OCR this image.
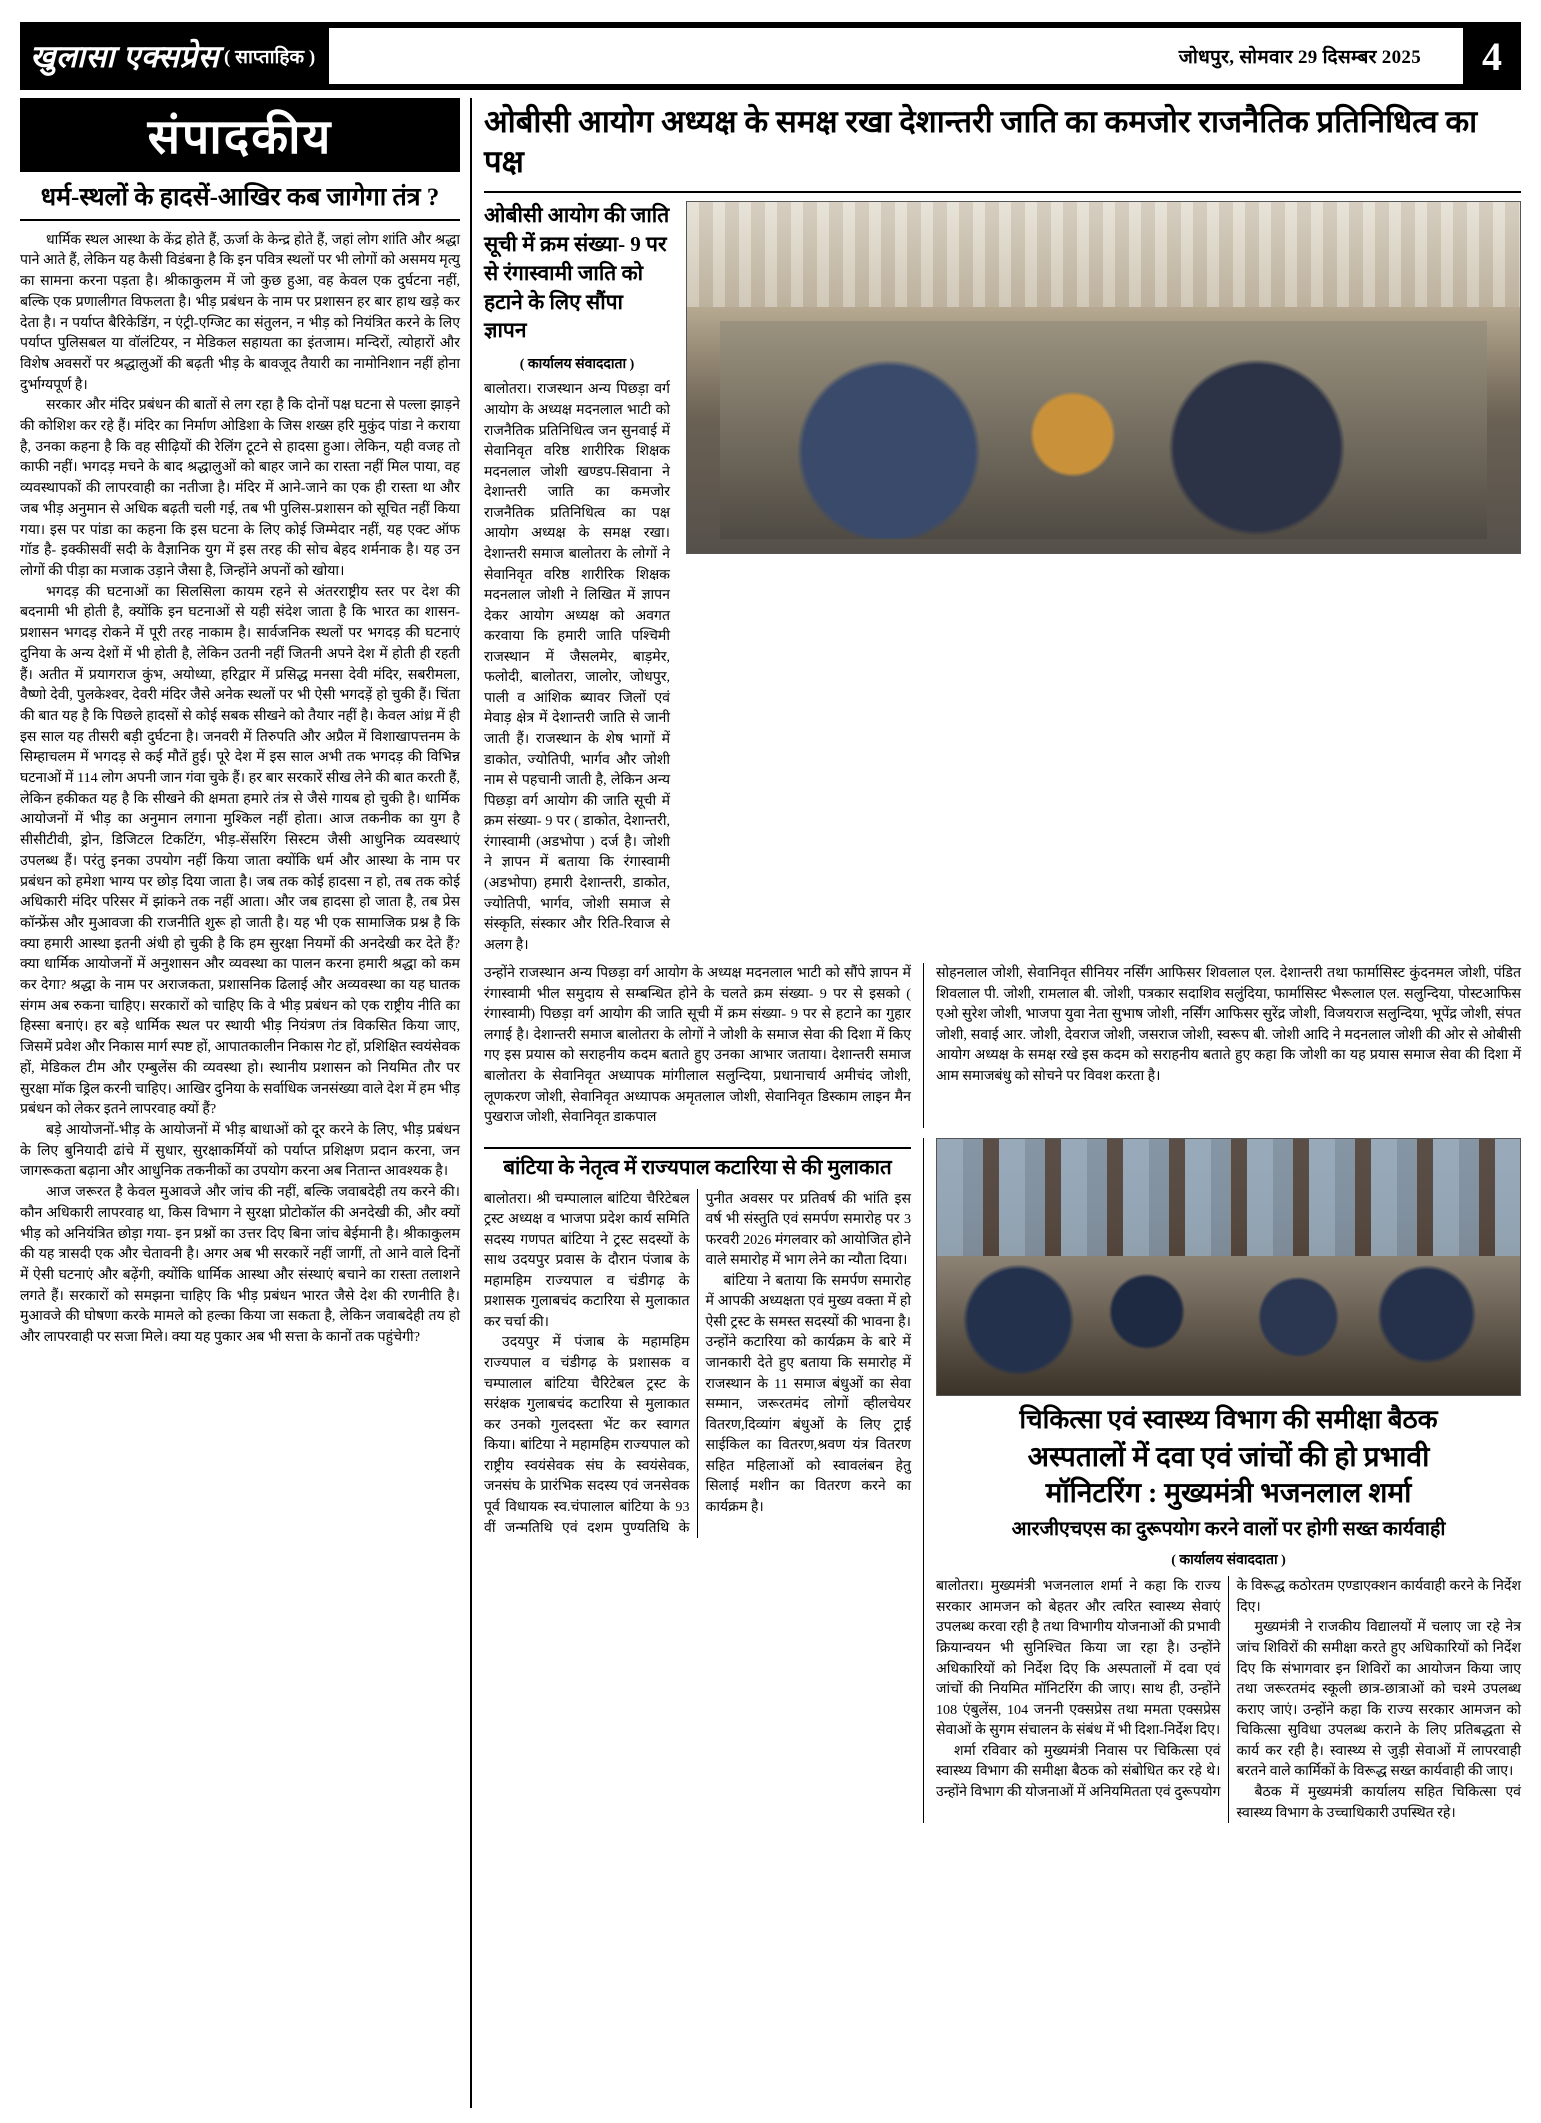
खुलासा एक्सप्रेस ( साप्ताहिक )	जोधपुर, सोमवार 29 दिसम्बर 2025	4
संपादकीय
धर्म-स्थलों के हादसें-आखिर कब जागेगा तंत्र ?

धार्मिक स्थल आस्था के केंद्र होते हैं, ऊर्जा के केन्द्र होते हैं, जहां लोग शांति और श्रद्धा पाने आते हैं, लेकिन यह कैसी विडंबना है कि इन पवित्र स्थलों पर भी लोगों को असमय मृत्यु का सामना करना पड़ता है। श्रीकाकुलम में जो कुछ हुआ, वह केवल एक दुर्घटना नहीं, बल्कि एक प्रणालीगत विफलता है। भीड़ प्रबंधन के नाम पर प्रशासन हर बार हाथ खड़े कर देता है। न पर्याप्त बैरिकेडिंग, न एंट्री-एग्जिट का संतुलन, न भीड़ को नियंत्रित करने के लिए पर्याप्त पुलिसबल या वॉलंटियर, न मेडिकल सहायता का इंतजाम। मन्दिरों, त्योहारों और विशेष अवसरों पर श्रद्धालुओं की बढ़ती भीड़ के बावजूद तैयारी का नामोनिशान नहीं होना दुर्भाग्यपूर्ण है।

सरकार और मंदिर प्रबंधन की बातों से लग रहा है कि दोनों पक्ष घटना से पल्ला झाड़ने की कोशिश कर रहे हैं। मंदिर का निर्माण ओडिशा के जिस शख्स हरि मुकुंद पांडा ने कराया है, उनका कहना है कि वह सीढ़ियों की रेलिंग टूटने से हादसा हुआ। लेकिन, यही वजह तो काफी नहीं। भगदड़ मचने के बाद श्रद्धालुओं को बाहर जाने का रास्ता नहीं मिल पाया, वह व्यवस्थापकों की लापरवाही का नतीजा है। मंदिर में आने-जाने का एक ही रास्ता था और जब भीड़ अनुमान से अधिक बढ़ती चली गई, तब भी पुलिस-प्रशासन को सूचित नहीं किया गया। इस पर पांडा का कहना कि इस घटना के लिए कोई जिम्मेदार नहीं, यह एक्ट ऑफ गॉड है- इक्कीसवीं सदी के वैज्ञानिक युग में इस तरह की सोच बेहद शर्मनाक है। यह उन लोगों की पीड़ा का मजाक उड़ाने जैसा है, जिन्होंने अपनों को खोया।

भगदड़ की घटनाओं का सिलसिला कायम रहने से अंतरराष्ट्रीय स्तर पर देश की बदनामी भी होती है, क्योंकि इन घटनाओं से यही संदेश जाता है कि भारत का शासन-प्रशासन भगदड़ रोकने में पूरी तरह नाकाम है। सार्वजनिक स्थलों पर भगदड़ की घटनाएं दुनिया के अन्य देशों में भी होती है, लेकिन उतनी नहीं जितनी अपने देश में होती ही रहती हैं। अतीत में प्रयागराज कुंभ, अयोध्या, हरिद्वार में प्रसिद्ध मनसा देवी मंदिर, सबरीमला, वैष्णो देवी, पुलकेश्वर, देवरी मंदिर जैसे अनेक स्थलों पर भी ऐसी भगदड़ें हो चुकी हैं। चिंता की बात यह है कि पिछले हादसों से कोई सबक सीखने को तैयार नहीं है। केवल आंध्र में ही इस साल यह तीसरी बड़ी दुर्घटना है। जनवरी में तिरुपति और अप्रैल में विशाखापत्तनम के सिम्हाचलम में भगदड़ से कई मौतें हुई। पूरे देश में इस साल अभी तक भगदड़ की विभिन्न घटनाओं में 114 लोग अपनी जान गंवा चुके हैं। हर बार सरकारें सीख लेने की बात करती हैं, लेकिन हकीकत यह है कि सीखने की क्षमता हमारे तंत्र से जैसे गायब हो चुकी है। धार्मिक आयोजनों में भीड़ का अनुमान लगाना मुश्किल नहीं होता। आज तकनीक का युग है सीसीटीवी, ड्रोन, डिजिटल टिकटिंग, भीड़-सेंसरिंग सिस्टम जैसी आधुनिक व्यवस्थाएं उपलब्ध हैं। परंतु इनका उपयोग नहीं किया जाता क्योंकि धर्म और आस्था के नाम पर प्रबंधन को हमेशा भाग्य पर छोड़ दिया जाता है। जब तक कोई हादसा न हो, तब तक कोई अधिकारी मंदिर परिसर में झांकने तक नहीं आता। और जब हादसा हो जाता है, तब प्रेस कॉन्फ्रेंस और मुआवजा की राजनीति शुरू हो जाती है। यह भी एक सामाजिक प्रश्न है कि क्या हमारी आस्था इतनी अंधी हो चुकी है कि हम सुरक्षा नियमों की अनदेखी कर देते हैं? क्या धार्मिक आयोजनों में अनुशासन और व्यवस्था का पालन करना हमारी श्रद्धा को कम कर देगा? श्रद्धा के नाम पर अराजकता, प्रशासनिक ढिलाई और अव्यवस्था का यह घातक संगम अब रुकना चाहिए। सरकारों को चाहिए कि वे भीड़ प्रबंधन को एक राष्ट्रीय नीति का हिस्सा बनाएं। हर बड़े धार्मिक स्थल पर स्थायी भीड़ नियंत्रण तंत्र विकसित किया जाए, जिसमें प्रवेश और निकास मार्ग स्पष्ट हों, आपातकालीन निकास गेट हों, प्रशिक्षित स्वयंसेवक हों, मेडिकल टीम और एम्बुलेंस की व्यवस्था हो। स्थानीय प्रशासन को नियमित तौर पर सुरक्षा मॉक ड्रिल करनी चाहिए। आखिर दुनिया के सर्वाधिक जनसंख्या वाले देश में हम भीड़ प्रबंधन को लेकर इतने लापरवाह क्यों हैं?

बड़े आयोजनों-भीड़ के आयोजनों में भीड़ बाधाओं को दूर करने के लिए, भीड़ प्रबंधन के लिए बुनियादी ढांचे में सुधार, सुरक्षाकर्मियों को पर्याप्त प्रशिक्षण प्रदान करना, जन जागरूकता बढ़ाना और आधुनिक तकनीकों का उपयोग करना अब नितान्त आवश्यक है।

आज जरूरत है केवल मुआवजे और जांच की नहीं, बल्कि जवाबदेही तय करने की। कौन अधिकारी लापरवाह था, किस विभाग ने सुरक्षा प्रोटोकॉल की अनदेखी की, और क्यों भीड़ को अनियंत्रित छोड़ा गया- इन प्रश्नों का उत्तर दिए बिना जांच बेईमानी है। श्रीकाकुलम की यह त्रासदी एक और चेतावनी है। अगर अब भी सरकारें नहीं जागीं, तो आने वाले दिनों में ऐसी घटनाएं और बढ़ेंगी, क्योंकि धार्मिक आस्था और संस्थाएं बचाने का रास्ता तलाशने लगते हैं। सरकारों को समझना चाहिए कि भीड़ प्रबंधन भारत जैसे देश की रणनीति है। मुआवजे की घोषणा करके मामले को हल्का किया जा सकता है, लेकिन जवाबदेही तय हो और लापरवाही पर सजा मिले। क्या यह पुकार अब भी सत्ता के कानों तक पहुंचेगी?

ओबीसी आयोग अध्यक्ष के समक्ष रखा देशान्तरी जाति का कमजोर राजनैतिक प्रतिनिधित्व का पक्ष
ओबीसी आयोग की जाति सूची में क्रम संख्या- 9 पर से रंगास्वामी जाति को हटाने के लिए सौंपा ज्ञापन
( कार्यालय संवाददाता )
बालोतरा। राजस्थान अन्य पिछड़ा वर्ग आयोग के अध्यक्ष मदनलाल भाटी को राजनैतिक प्रतिनिधित्व जन सुनवाई में सेवानिवृत वरिष्ठ शारीरिक शिक्षक मदनलाल जोशी खण्डप-सिवाना ने देशान्तरी जाति का कमजोर राजनैतिक प्रतिनिधित्व का पक्ष आयोग अध्यक्ष के समक्ष रखा। देशान्तरी समाज बालोतरा के लोगों ने सेवानिवृत वरिष्ठ शारीरिक शिक्षक मदनलाल जोशी ने लिखित में ज्ञापन देकर आयोग अध्यक्ष को अवगत करवाया कि हमारी जाति पश्चिमी राजस्थान में जैसलमेर, बाड़मेर, फलोदी, बालोतरा, जालोर, जोधपुर, पाली व आंशिक ब्यावर जिलों एवं मेवाड़ क्षेत्र में देशान्तरी जाति से जानी जाती हैं। राजस्थान के शेष भागों में डाकोत, ज्योतिपी, भार्गव और जोशी नाम से पहचानी जाती है, लेकिन अन्य पिछड़ा वर्ग आयोग की जाति सूची में क्रम संख्या- 9 पर ( डाकोत, देशान्तरी, रंगास्वामी (अडभोपा ) दर्ज है। जोशी ने ज्ञापन में बताया कि रंगास्वामी (अडभोपा) हमारी देशान्तरी, डाकोत, ज्योतिपी, भार्गव, जोशी समाज से संस्कृति, संस्कार और रिति-रिवाज से अलग है।
उन्होंने राजस्थान अन्य पिछड़ा वर्ग आयोग के अध्यक्ष मदनलाल भाटी को सौंपे ज्ञापन में रंगास्वामी भील समुदाय से सम्बन्धित होने के चलते क्रम संख्या- 9 पर से इसको ( रंगास्वामी) पिछड़ा वर्ग आयोग की जाति सूची में क्रम संख्या- 9 पर से हटाने का गुहार लगाई है। देशान्तरी समाज बालोतरा के लोगों ने जोशी के समाज सेवा की दिशा में किए गए इस प्रयास को सराहनीय कदम बताते हुए उनका आभार जताया। देशान्तरी समाज बालोतरा के सेवानिवृत अध्यापक मांगीलाल सलुन्दिया, प्रधानाचार्य अमीचंद जोशी, लूणकरण जोशी, सेवानिवृत अध्यापक अमृतलाल जोशी, सेवानिवृत डिस्काम लाइन मैन पुखराज जोशी, सेवानिवृत डाकपाल
सोहनलाल जोशी, सेवानिवृत सीनियर नर्सिंग आफिसर शिवलाल एल. देशान्तरी तथा फार्मासिस्ट कुंदनमल जोशी, पंडित शिवलाल पी. जोशी, रामलाल बी. जोशी, पत्रकार सदाशिव सलुंदिया, फार्मासिस्ट भैरूलाल एल. सलुन्दिया, पोस्टआफिस एओ सुरेश जोशी, भाजपा युवा नेता सुभाष जोशी, नर्सिंग आफिसर सुरेंद्र जोशी, विजयराज सलुन्दिया, भूपेंद्र जोशी, संपत जोशी, सवाई आर. जोशी, देवराज जोशी, जसराज जोशी, स्वरूप बी. जोशी आदि ने मदनलाल जोशी की ओर से ओबीसी आयोग अध्यक्ष के समक्ष रखे इस कदम को सराहनीय बताते हुए कहा कि जोशी का यह प्रयास समाज सेवा की दिशा में आम समाजबंधु को सोचने पर विवश करता है।
बांटिया के नेतृत्व में राज्यपाल कटारिया से की मुलाकात

बालोतरा। श्री चम्पालाल बांटिया चैरिटेबल ट्रस्ट अध्यक्ष व भाजपा प्रदेश कार्य समिति सदस्य गणपत बांटिया ने ट्रस्ट सदस्यों के साथ उदयपुर प्रवास के दौरान पंजाब के महामहिम राज्यपाल व चंडीगढ़ के प्रशासक गुलाबचंद कटारिया से मुलाकात कर चर्चा की।

उदयपुर में पंजाब के महामहिम राज्यपाल व चंडीगढ़ के प्रशासक व चम्पालाल बांटिया चैरिटेबल ट्रस्ट के सरंक्षक गुलाबचंद कटारिया से मुलाकात कर उनको गुलदस्ता भेंट कर स्वागत किया। बांटिया ने महामहिम राज्यपाल को राष्ट्रीय स्वयंसेवक संघ के स्वयंसेवक, जनसंघ के प्रारंभिक सदस्य एवं जनसेवक पूर्व विधायक स्व.चंपालाल बांटिया के 93 वीं जन्मतिथि एवं दशम पुण्यतिथि के पुनीत अवसर पर प्रतिवर्ष की भांति इस वर्ष भी संस्तुति एवं समर्पण समारोह पर 3 फरवरी 2026 मंगलवार को आयोजित होने वाले समारोह में भाग लेने का न्यौता दिया।

बांटिया ने बताया कि समर्पण समारोह में आपकी अध्यक्षता एवं मुख्य वक्ता में हो ऐसी ट्रस्ट के समस्त सदस्यों की भावना है। उन्होंने कटारिया को कार्यक्रम के बारे में जानकारी देते हुए बताया कि समारोह में राजस्थान के 11 समाज बंधुओं का सेवा सम्मान, जरूरतमंद लोगों व्हीलचेयर वितरण,दिव्यांग बंधुओं के लिए ट्राई साईकिल का वितरण,श्रवण यंत्र वितरण सहित महिलाओं को स्वावलंबन हेतु सिलाई मशीन का वितरण करने का कार्यक्रम है।

चिकित्सा एवं स्वास्थ्य विभाग की समीक्षा बैठक
अस्पतालों में दवा एवं जांचों की हो प्रभावी
मॉनिटरिंग : मुख्यमंत्री भजनलाल शर्मा
आरजीएचएस का दुरूपयोग करने वालों पर होगी सख्त कार्यवाही
( कार्यालय संवाददाता )

बालोतरा। मुख्यमंत्री भजनलाल शर्मा ने कहा कि राज्य सरकार आमजन को बेहतर और त्वरित स्वास्थ्य सेवाएं उपलब्ध करवा रही है तथा विभागीय योजनाओं की प्रभावी क्रियान्वयन भी सुनिश्चित किया जा रहा है। उन्होंने अधिकारियों को निर्देश दिए कि अस्पतालों में दवा एवं जांचों की नियमित मॉनिटरिंग की जाए। साथ ही, उन्होंने 108 एंबुलेंस, 104 जननी एक्सप्रेस तथा ममता एक्सप्रेस सेवाओं के सुगम संचालन के संबंध में भी दिशा-निर्देश दिए।

शर्मा रविवार को मुख्यमंत्री निवास पर चिकित्सा एवं स्वास्थ्य विभाग की समीक्षा बैठक को संबोधित कर रहे थे। उन्होंने विभाग की योजनाओं में अनियमितता एवं दुरूपयोग के विरूद्ध कठोरतम एण्डाएक्शन कार्यवाही करने के निर्देश दिए।

मुख्यमंत्री ने राजकीय विद्यालयों में चलाए जा रहे नेत्र जांच शिविरों की समीक्षा करते हुए अधिकारियों को निर्देश दिए कि संभागवार इन शिविरों का आयोजन किया जाए तथा जरूरतमंद स्कूली छात्र-छात्राओं को चश्मे उपलब्ध कराए जाएं। उन्होंने कहा कि राज्य सरकार आमजन को चिकित्सा सुविधा उपलब्ध कराने के लिए प्रतिबद्धता से कार्य कर रही है। स्वास्थ्य से जुड़ी सेवाओं में लापरवाही बरतने वाले कार्मिकों के विरूद्ध सख्त कार्यवाही की जाए।

बैठक में मुख्यमंत्री कार्यालय सहित चिकित्सा एवं स्वास्थ्य विभाग के उच्चाधिकारी उपस्थित रहे।
